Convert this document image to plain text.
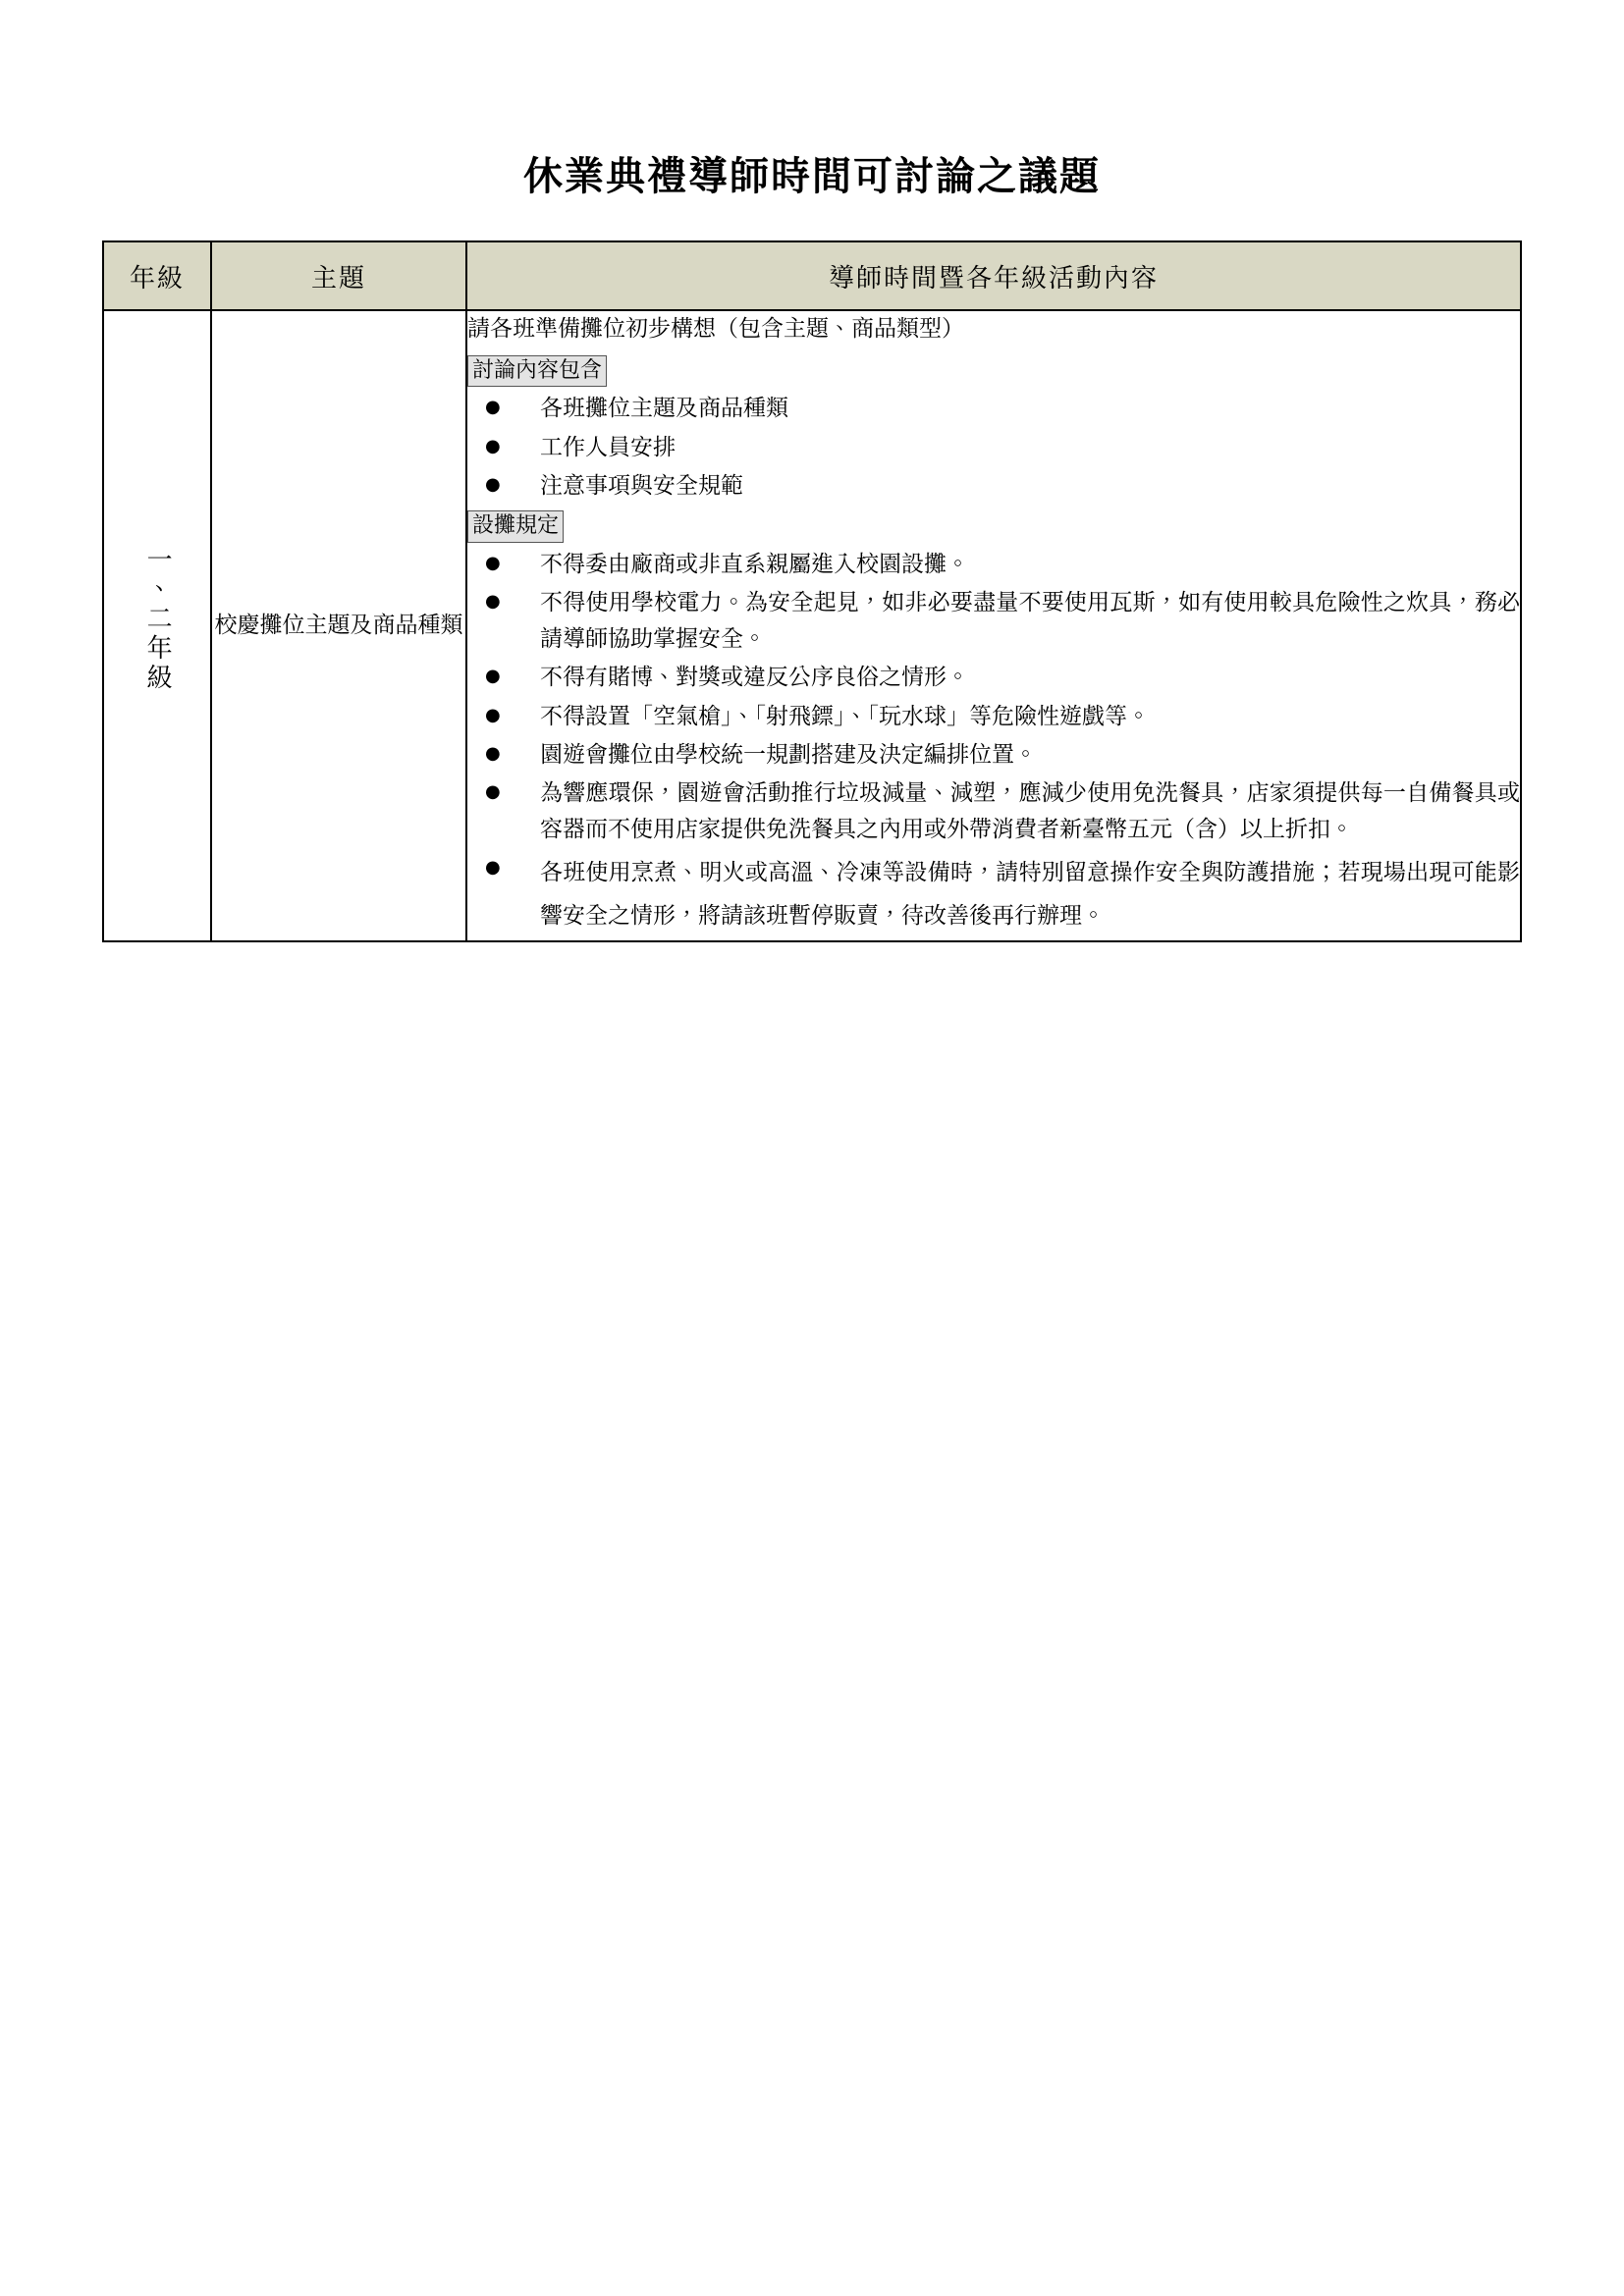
休業典禮導師時間可討論之議題
年級	主題	導師時間暨各年級活動內容
一、二年級	校慶攤位主題及商品種類	

請各班準備攤位初步構想（包含主題、商品類型）

討論內容包含
● 各班攤位主題及商品種類
● 工作人員安排
● 注意事項與安全規範
設攤規定
● 不得委由廠商或非直系親屬進入校園設攤。
● 不得使用學校電力。為安全起見，如非必要盡量不要使用瓦斯，如有使用較具危險性之炊具，務必請導師協助掌握安全。
● 不得有賭博、對獎或違反公序良俗之情形。
● 不得設置「空氣槍」、「射飛鏢」、「玩水球」等危險性遊戲等。
● 園遊會攤位由學校統一規劃搭建及決定編排位置。
● 為響應環保，園遊會活動推行垃圾減量、減塑，應減少使用免洗餐具，店家須提供每一自備餐具或容器而不使用店家提供免洗餐具之內用或外帶消費者新臺幣五元（含）以上折扣。
● 各班使用烹煮、明火或高溫、冷凍等設備時，請特別留意操作安全與防護措施；若現場出現可能影響安全之情形，將請該班暫停販賣，待改善後再行辦理。
